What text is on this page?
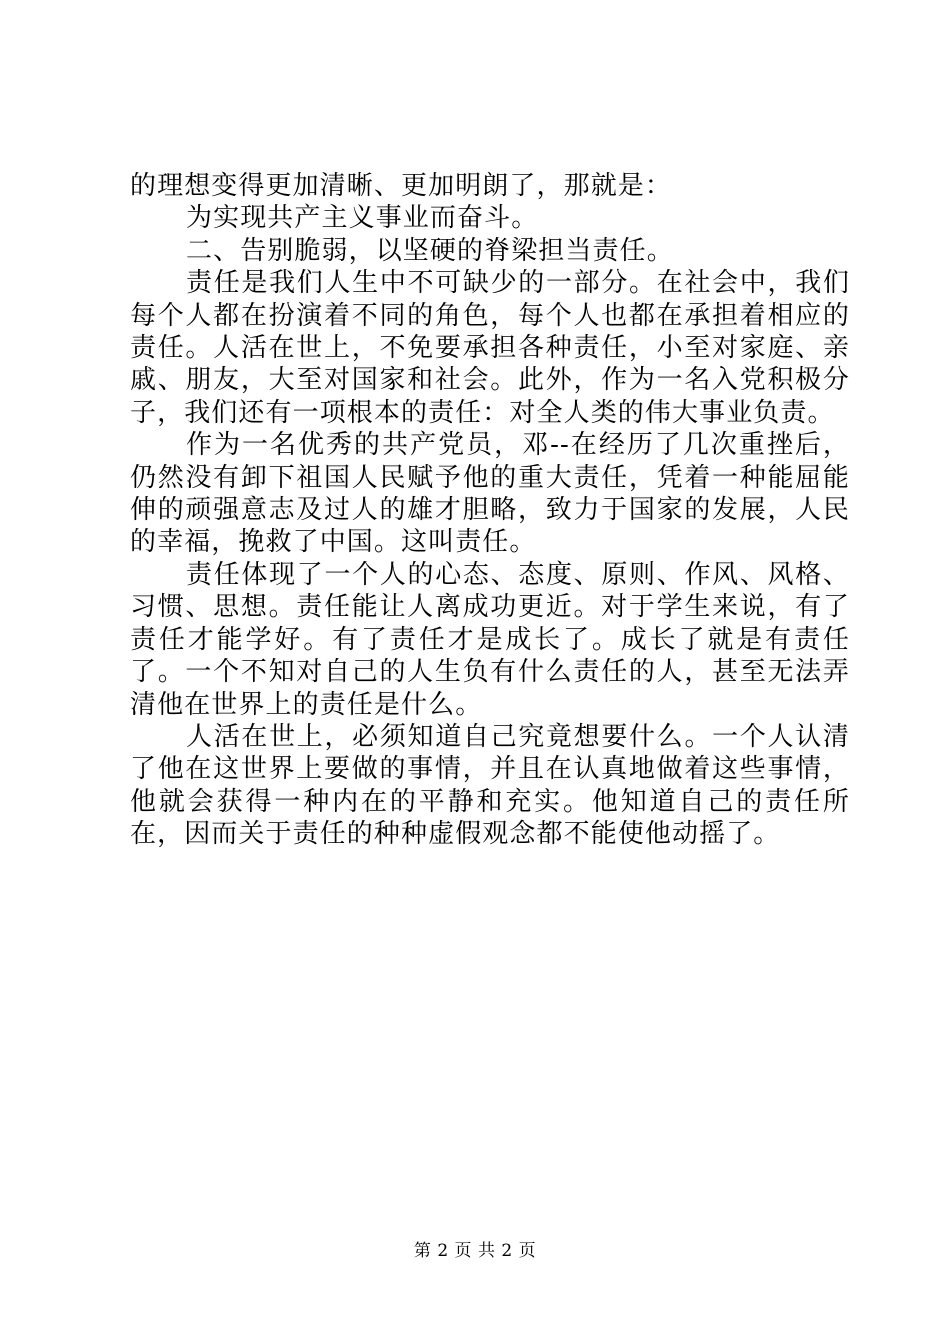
的理想变得更加清晰、更加明朗了，那就是：

为实现共产主义事业而奋斗。

二、告别脆弱，以坚硬的脊梁担当责任。

责任是我们人生中不可缺少的一部分。在社会中，我们每个人都在扮演着不同的角色，每个人也都在承担着相应的责任。人活在世上，不免要承担各种责任，小至对家庭、亲戚、朋友，大至对国家和社会。此外，作为一名入党积极分子，我们还有一项根本的责任：对全人类的伟大事业负责。

作为一名优秀的共产党员，邓--在经历了几次重挫后，仍然没有卸下祖国人民赋予他的重大责任，凭着一种能屈能伸的顽强意志及过人的雄才胆略，致力于国家的发展，人民的幸福，挽救了中国。这叫责任。

责任体现了一个人的心态、态度、原则、作风、风格、习惯、思想。责任能让人离成功更近。对于学生来说，有了责任才能学好。有了责任才是成长了。成长了就是有责任了。一个不知对自己的人生负有什么责任的人，甚至无法弄清他在世界上的责任是什么。

人活在世上，必须知道自己究竟想要什么。一个人认清了他在这世界上要做的事情，并且在认真地做着这些事情，他就会获得一种内在的平静和充实。他知道自己的责任所在，因而关于责任的种种虚假观念都不能使他动摇了。

第 2 页 共 2 页
